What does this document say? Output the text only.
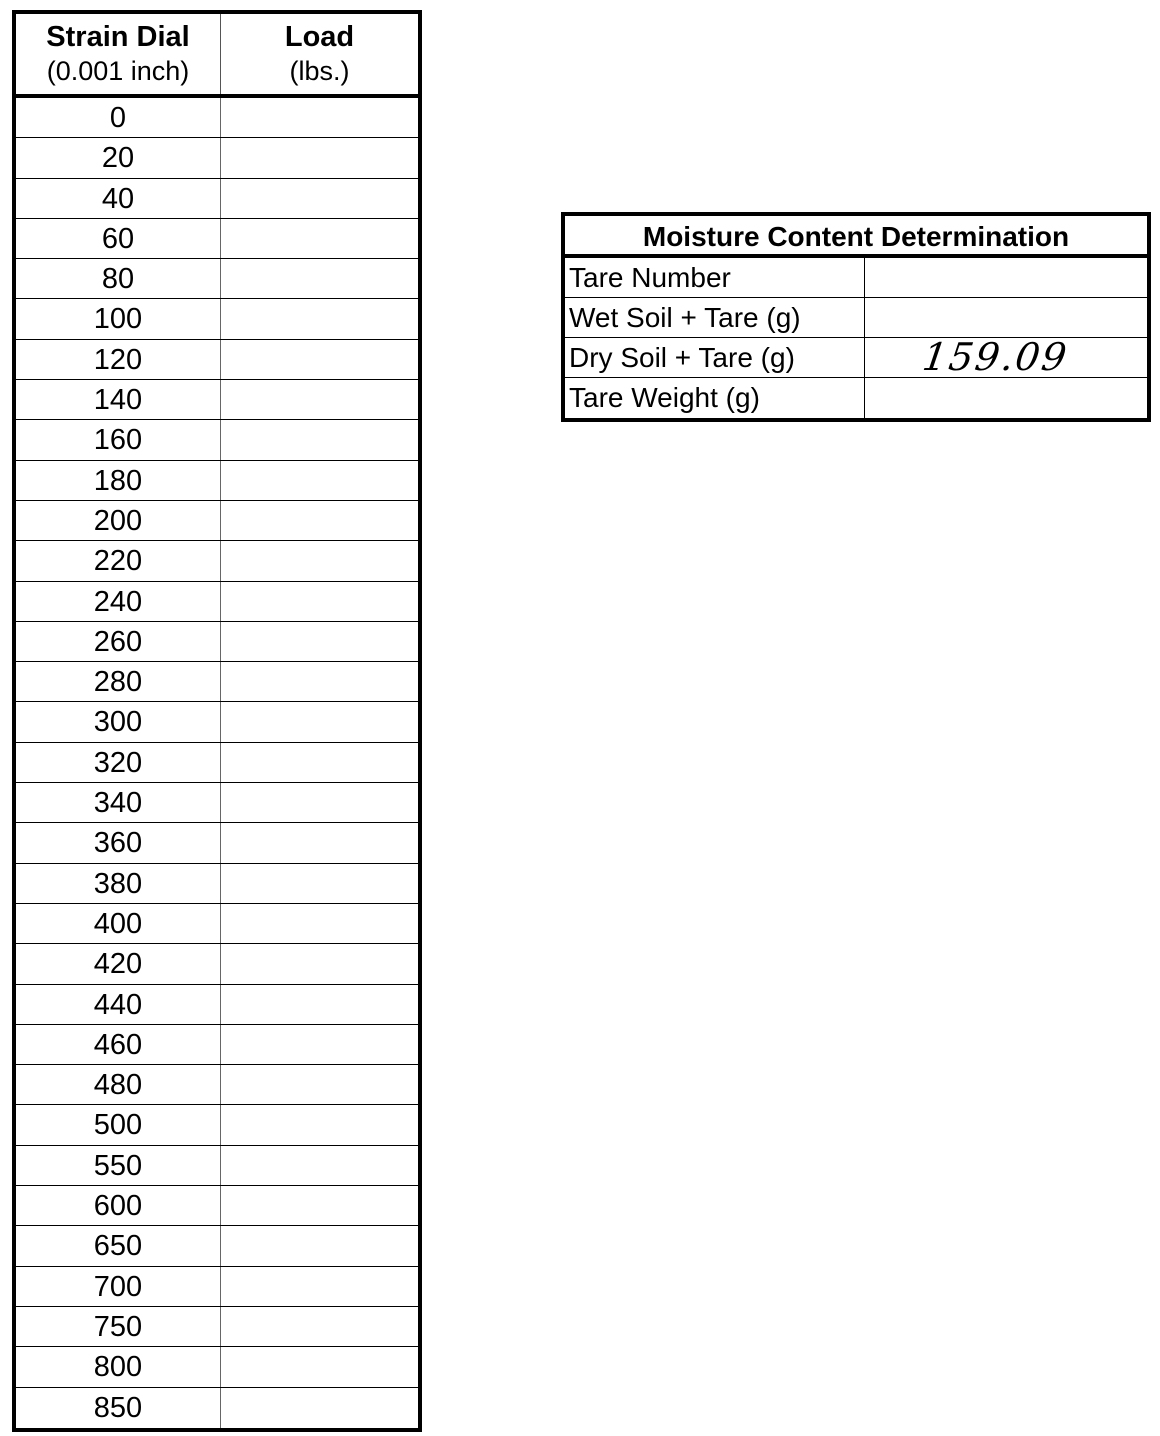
Strain Dial
(0.001 inch)
Load
(lbs.)
0
20
40
60
80
100
120
140
160
180
200
220
240
260
280
300
320
340
360
380
400
420
440
460
480
500
550
600
650
700
750
800
850
Moisture Content Determination
Tare Number
Wet Soil + Tare (g)
Dry Soil + Tare (g)	159.09
Tare Weight (g)
